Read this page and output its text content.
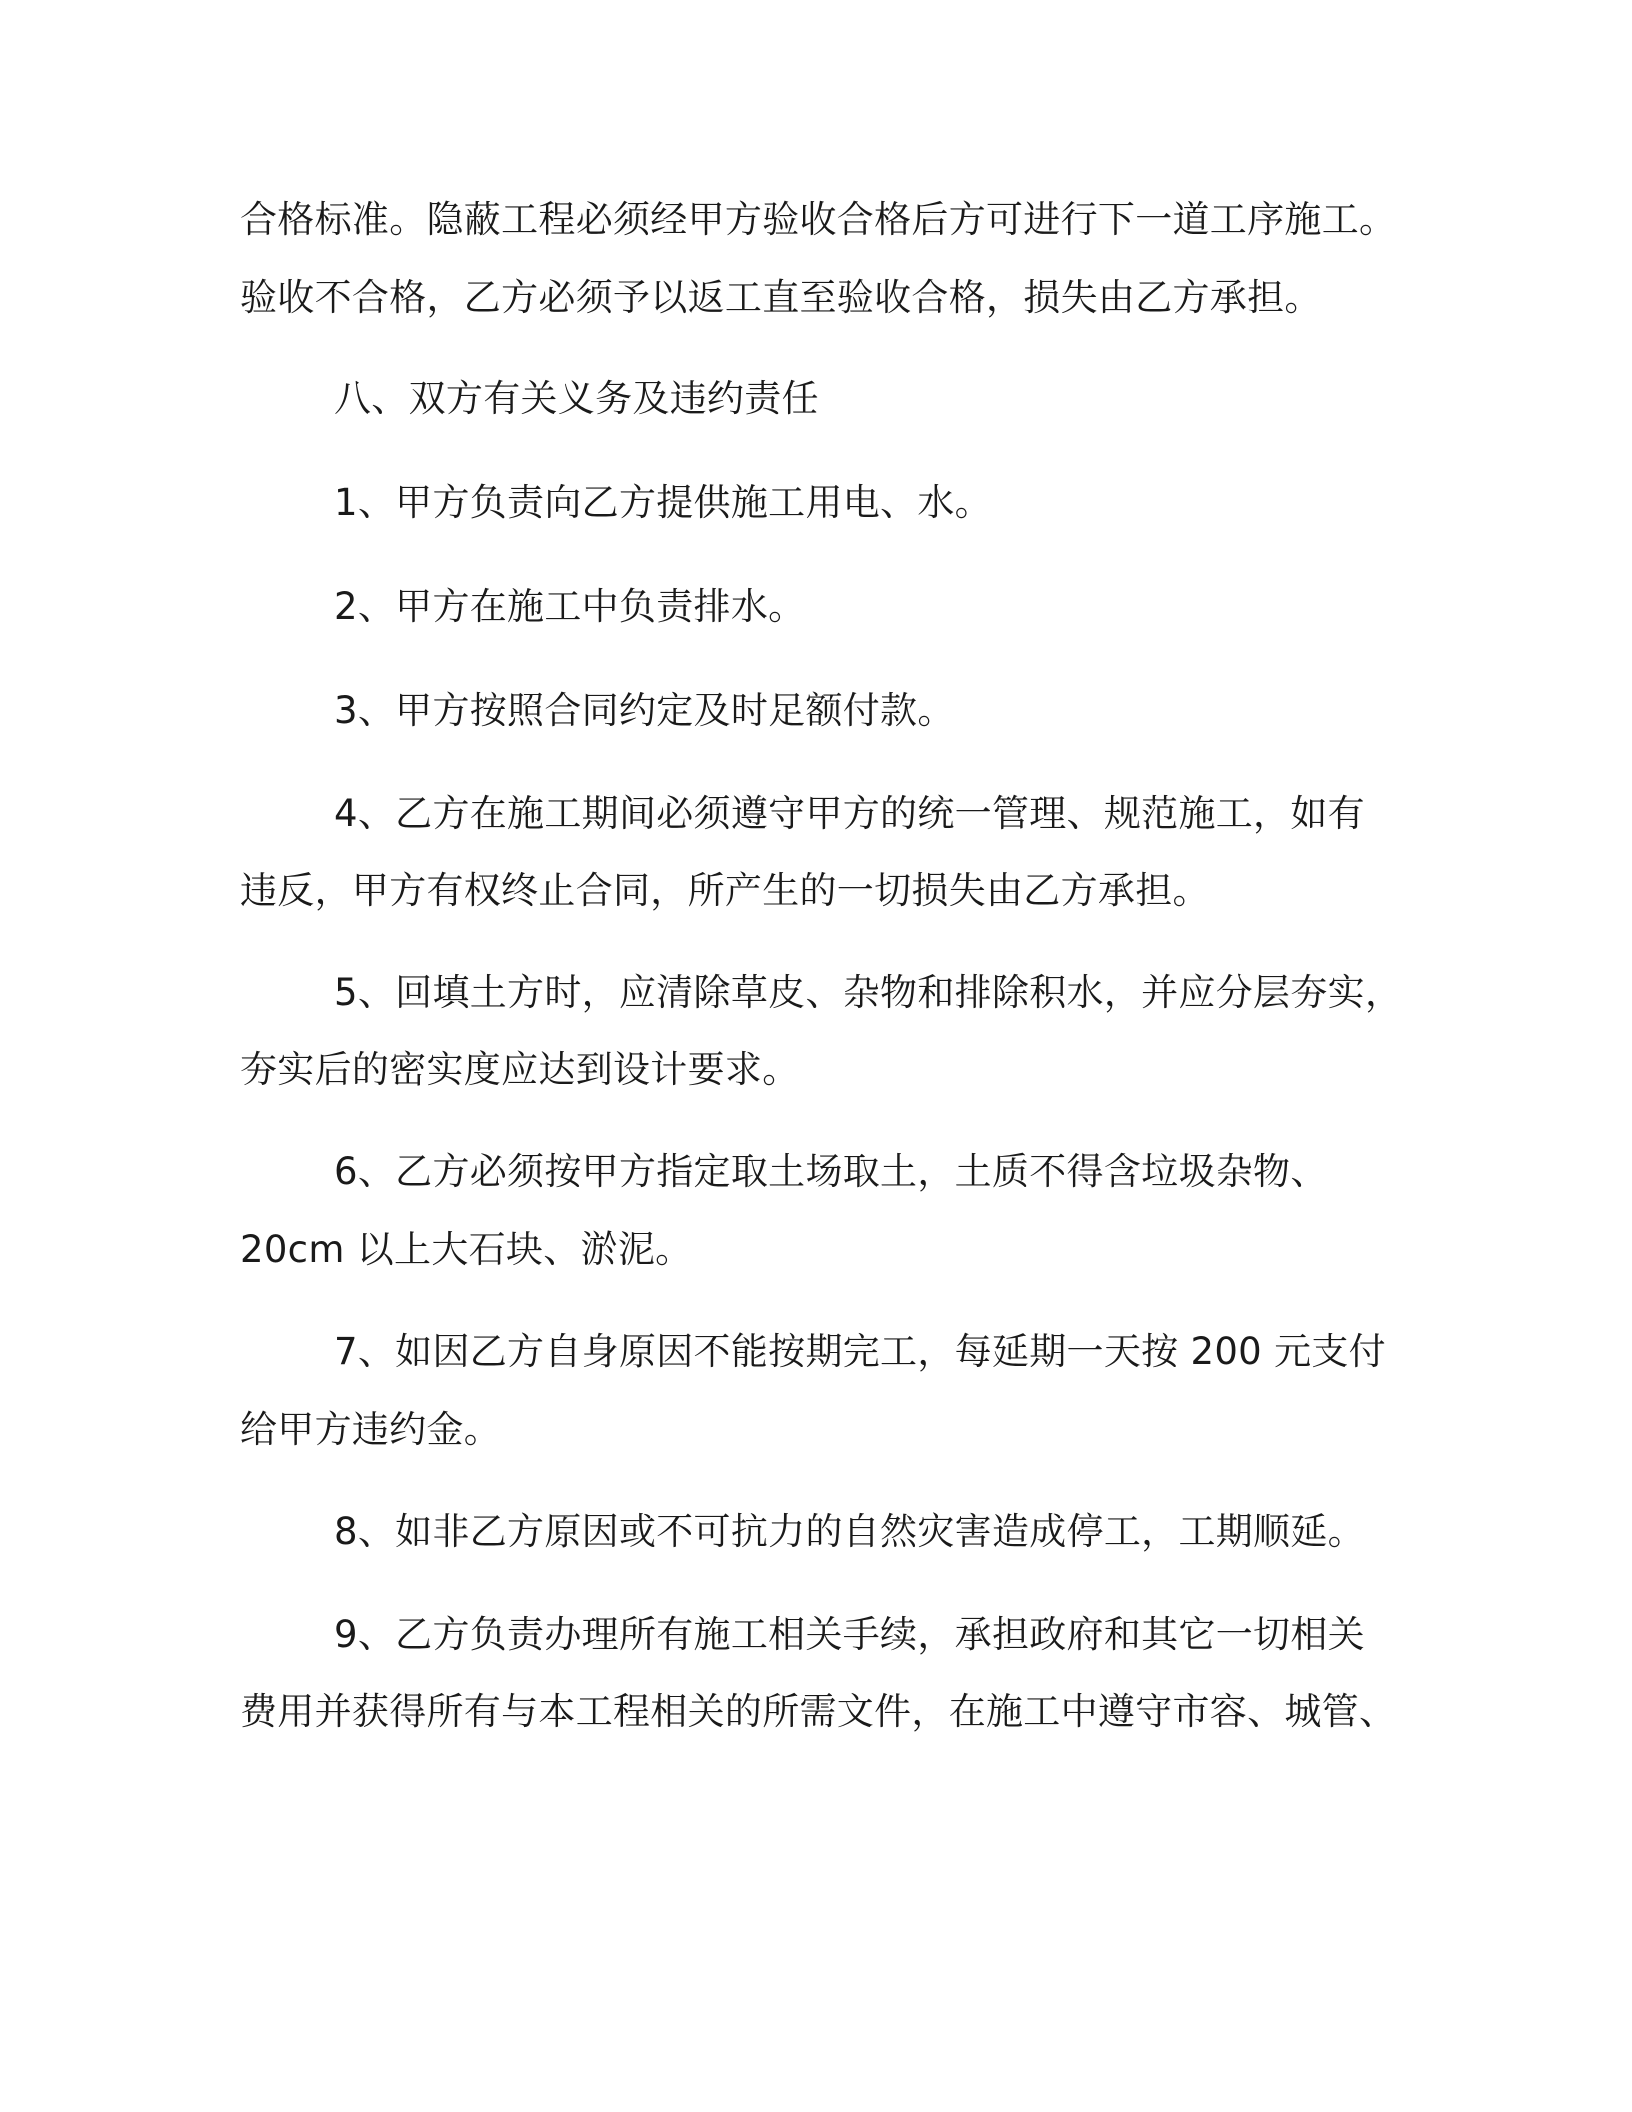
合格标准。隐蔽工程必须经甲方验收合格后方可进行下一道工序施工。
验收不合格，乙方必须予以返工直至验收合格，损失由乙方承担。
八、双方有关义务及违约责任
1、甲方负责向乙方提供施工用电、水。
2、甲方在施工中负责排水。
3、甲方按照合同约定及时足额付款。
4、乙方在施工期间必须遵守甲方的统一管理、规范施工，如有
违反，甲方有权终止合同，所产生的一切损失由乙方承担。
5、回填土方时，应清除草皮、杂物和排除积水，并应分层夯实，
夯实后的密实度应达到设计要求。
6、乙方必须按甲方指定取土场取土，土质不得含垃圾杂物、
20cm 以上大石块、淤泥。
7、如因乙方自身原因不能按期完工，每延期一天按 200 元支付
给甲方违约金。
8、如非乙方原因或不可抗力的自然灾害造成停工，工期顺延。
9、乙方负责办理所有施工相关手续，承担政府和其它一切相关
费用并获得所有与本工程相关的所需文件，在施工中遵守市容、城管、
